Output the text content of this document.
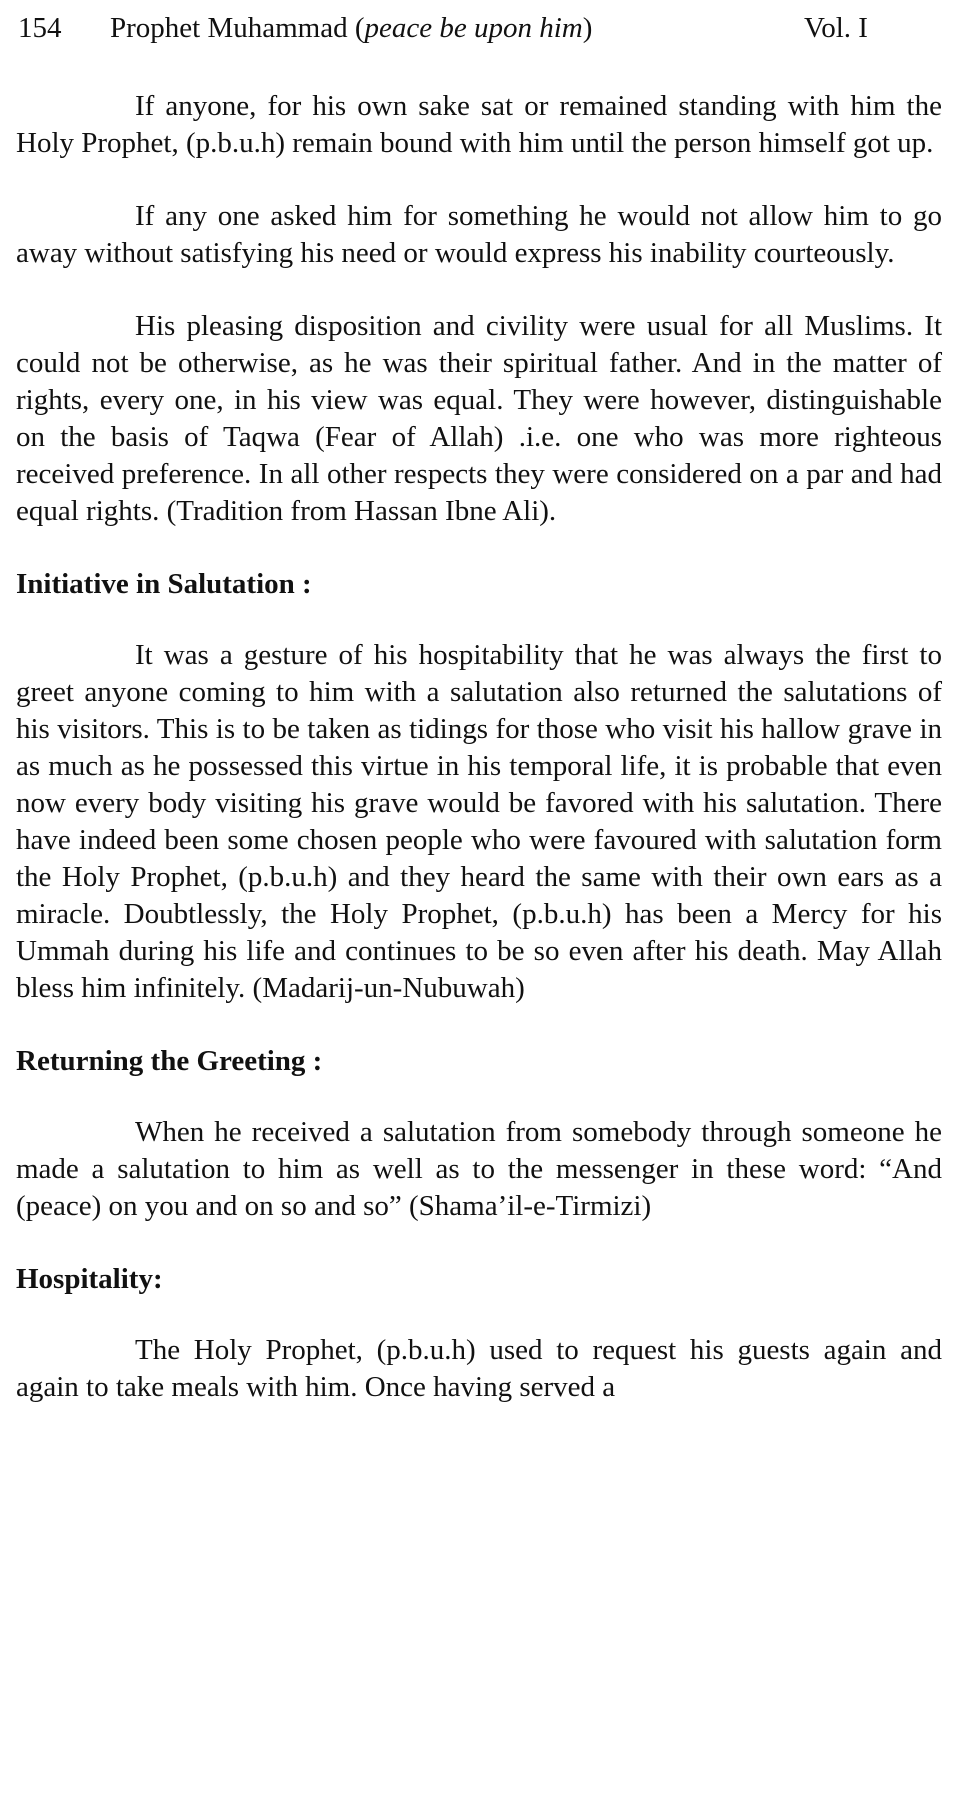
154 Prophet Muhammad (peace be upon him)	Vol. I

If anyone, for his own sake sat or remained standing with him the Holy Prophet, (p.b.u.h) remain bound with him until the person himself got up.

If any one asked him for something he would not allow him to go away without satisfying his need or would express his inability courteously.

His pleasing disposition and civility were usual for all Muslims. It could not be otherwise, as he was their spiritual father. And in the matter of rights, every one, in his view was equal. They were however, distinguishable on the basis of Taqwa (Fear of Allah) .i.e. one who was more righteous received preference. In all other respects they were considered on a par and had equal rights. (Tradition from Hassan Ibne Ali).

Initiative in Salutation :

It was a gesture of his hospitability that he was always the first to greet anyone coming to him with a salutation also returned the salutations of his visitors. This is to be taken as tidings for those who visit his hallow grave in as much as he possessed this virtue in his temporal life, it is probable that even now every body visiting his grave would be favored with his salutation. There have indeed been some chosen people who were favoured with salutation form the Holy Prophet, (p.b.u.h) and they heard the same with their own ears as a miracle. Doubtlessly, the Holy Prophet, (p.b.u.h) has been a Mercy for his Ummah during his life and continues to be so even after his death. May Allah bless him infinitely. (Madarij-un-Nubuwah)

Returning the Greeting :

When he received a salutation from somebody through someone he made a salutation to him as well as to the messenger in these word: “And (peace) on you and on so and so” (Shama’il-e-Tirmizi)

Hospitality:

The Holy Prophet, (p.b.u.h) used to request his guests again and again to take meals with him. Once having served a
